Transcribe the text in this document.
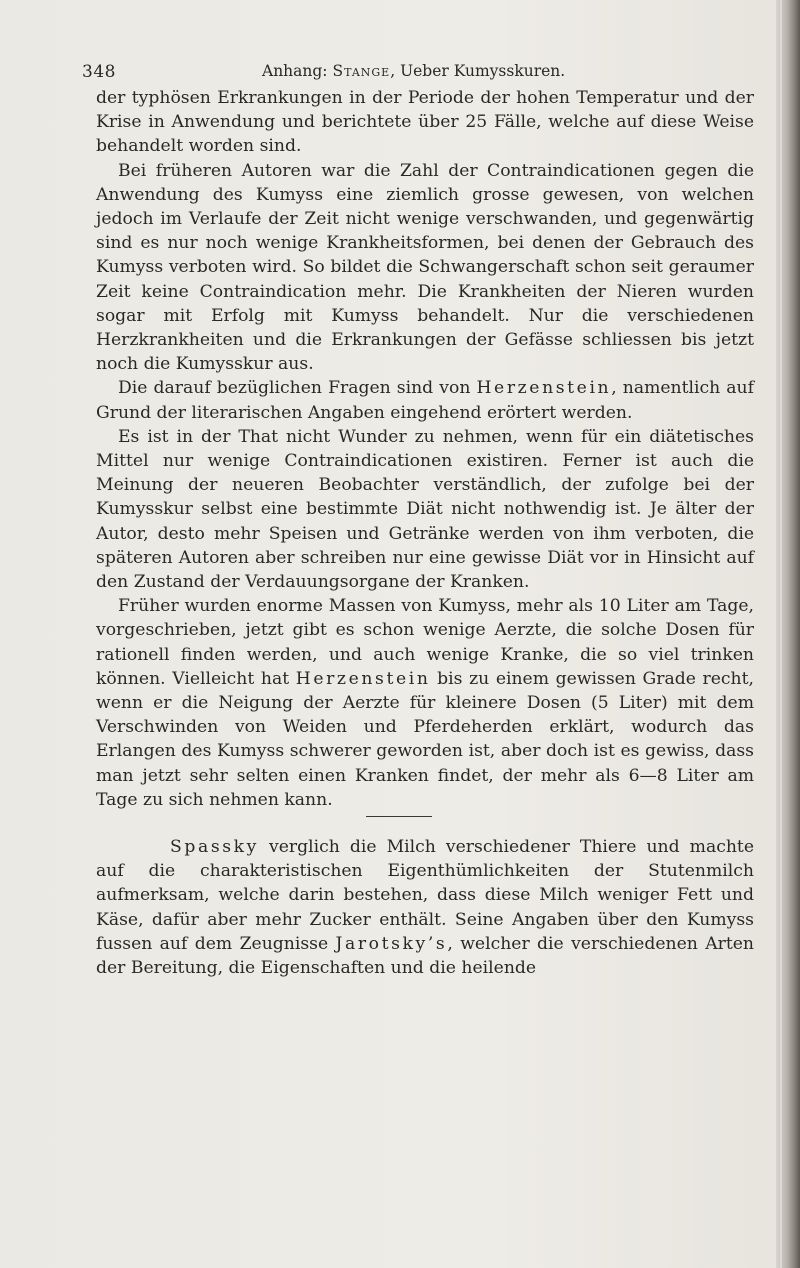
348	Anhang: Stange, Ueber Kumysskuren.

der typhösen Erkrankungen in der Periode der hohen Temperatur und der Krise in Anwendung und berichtete über 25 Fälle, welche auf diese Weise behandelt worden sind.

Bei früheren Autoren war die Zahl der Contraindicationen gegen die Anwendung des Kumyss eine ziemlich grosse gewesen, von welchen jedoch im Verlaufe der Zeit nicht wenige verschwanden, und gegenwärtig sind es nur noch wenige Krankheitsformen, bei denen der Gebrauch des Kumyss verboten wird. So bildet die Schwangerschaft schon seit geraumer Zeit keine Contraindication mehr. Die Krankheiten der Nieren wurden sogar mit Erfolg mit Kumyss behandelt. Nur die verschiedenen Herzkrankheiten und die Erkrankungen der Gefässe schliessen bis jetzt noch die Kumysskur aus.

Die darauf bezüglichen Fragen sind von Herzenstein, namentlich auf Grund der literarischen Angaben eingehend erörtert werden.

Es ist in der That nicht Wunder zu nehmen, wenn für ein diätetisches Mittel nur wenige Contraindicationen existiren. Ferner ist auch die Meinung der neueren Beobachter verständlich, der zufolge bei der Kumysskur selbst eine bestimmte Diät nicht nothwendig ist. Je älter der Autor, desto mehr Speisen und Getränke werden von ihm verboten, die späteren Autoren aber schreiben nur eine gewisse Diät vor in Hinsicht auf den Zustand der Verdauungsorgane der Kranken.

Früher wurden enorme Massen von Kumyss, mehr als 10 Liter am Tage, vorgeschrieben, jetzt gibt es schon wenige Aerzte, die solche Dosen für rationell finden werden, und auch wenige Kranke, die so viel trinken können. Vielleicht hat Herzenstein bis zu einem gewissen Grade recht, wenn er die Neigung der Aerzte für kleinere Dosen (5 Liter) mit dem Verschwinden von Weiden und Pferdeherden erklärt, wodurch das Erlangen des Kumyss schwerer geworden ist, aber doch ist es gewiss, dass man jetzt sehr selten einen Kranken findet, der mehr als 6—8 Liter am Tage zu sich nehmen kann.

Spassky verglich die Milch verschiedener Thiere und machte auf die charakteristischen Eigenthümlichkeiten der Stutenmilch aufmerksam, welche darin bestehen, dass diese Milch weniger Fett und Käse, dafür aber mehr Zucker enthält. Seine Angaben über den Kumyss fussen auf dem Zeugnisse Jarotsky’s, welcher die verschiedenen Arten der Bereitung, die Eigenschaften und die heilende
